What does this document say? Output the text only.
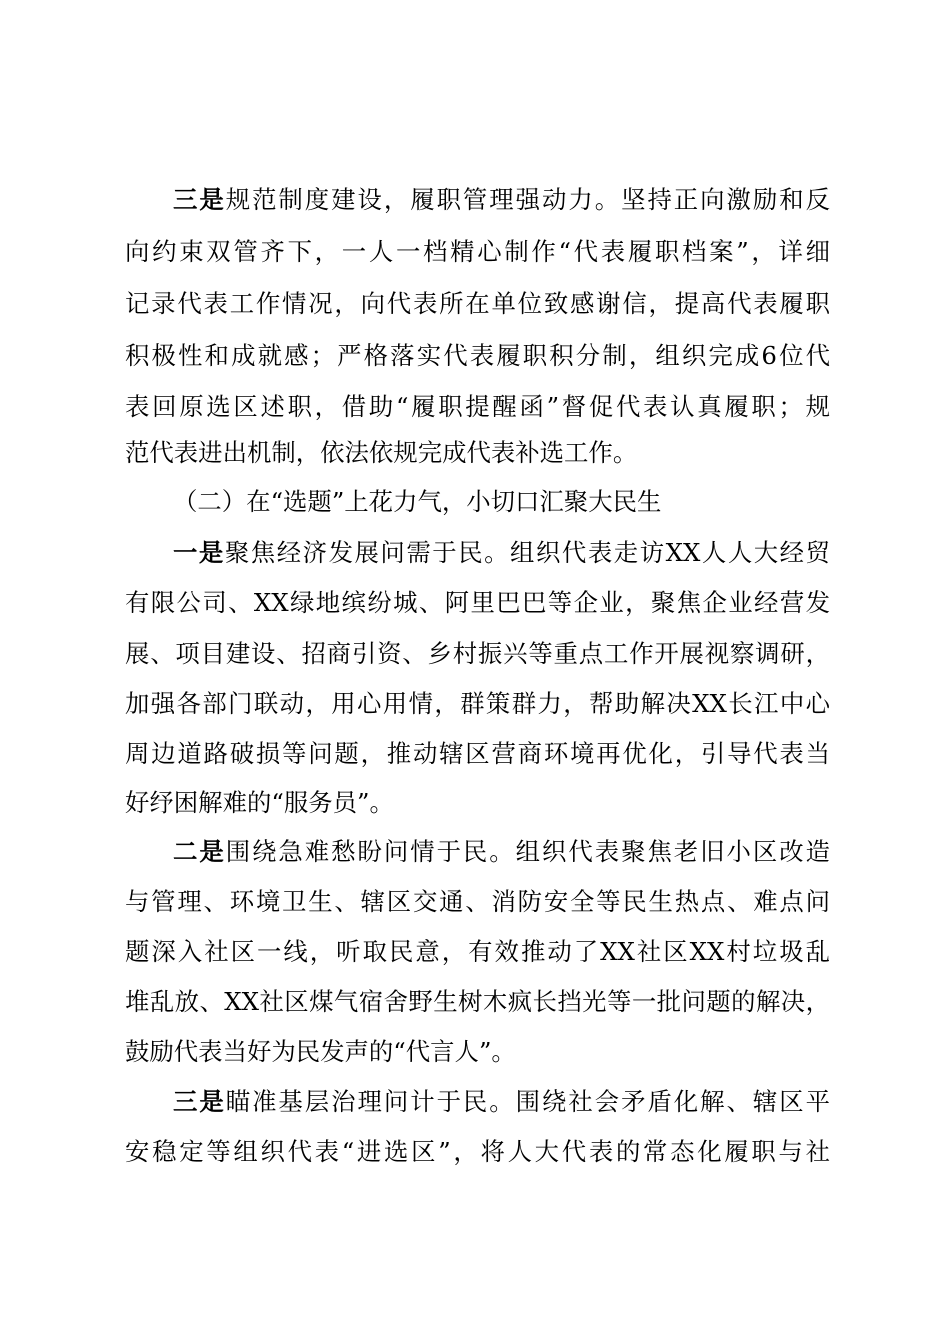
三是规范制度建设，履职管理强动力。坚持正向激励和反
向约束双管齐下，一人一档精心制作“代表履职档案”，详细
记录代表工作情况，向代表所在单位致感谢信，提高代表履职
积极性和成就感；严格落实代表履职积分制，组织完成6位代
表回原选区述职，借助“履职提醒函”督促代表认真履职；规
范代表进出机制，依法依规完成代表补选工作。
（二）在“选题”上花力气，小切口汇聚大民生
一是聚焦经济发展问需于民。组织代表走访XX人人大经贸
有限公司、XX绿地缤纷城、阿里巴巴等企业，聚焦企业经营发
展、项目建设、招商引资、乡村振兴等重点工作开展视察调研，
加强各部门联动，用心用情，群策群力，帮助解决XX长江中心
周边道路破损等问题，推动辖区营商环境再优化，引导代表当
好纾困解难的“服务员”。
二是围绕急难愁盼问情于民。组织代表聚焦老旧小区改造
与管理、环境卫生、辖区交通、消防安全等民生热点、难点问
题深入社区一线，听取民意，有效推动了XX社区XX村垃圾乱
堆乱放、XX社区煤气宿舍野生树木疯长挡光等一批问题的解决，
鼓励代表当好为民发声的“代言人”。
三是瞄准基层治理问计于民。围绕社会矛盾化解、辖区平
安稳定等组织代表“进选区”，将人大代表的常态化履职与社
